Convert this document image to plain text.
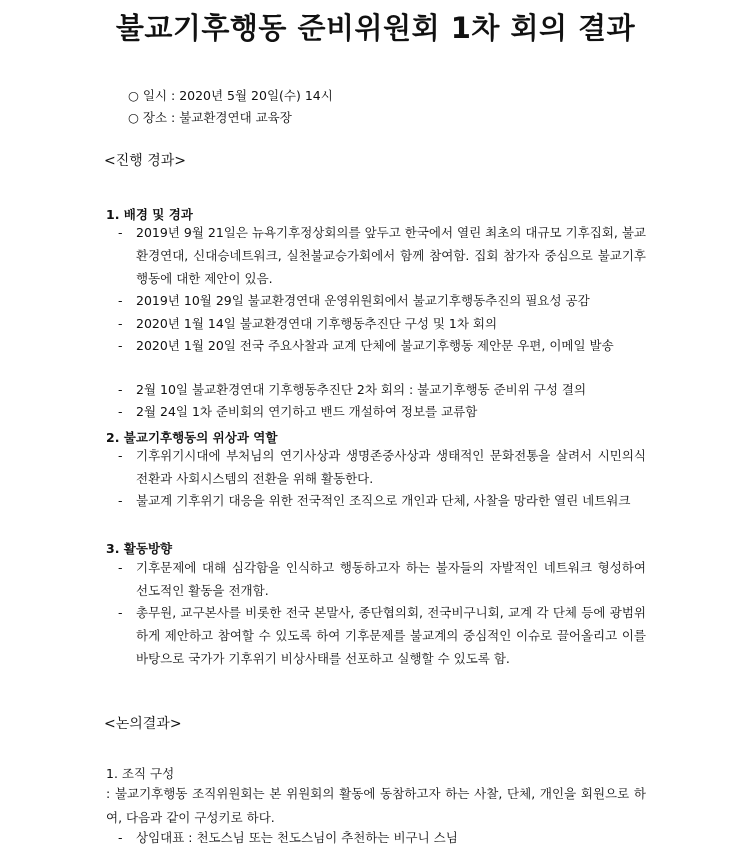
불교기후행동 준비위원회 1차 회의 결과
○ 일시 : 2020년 5월 20일(수) 14시
○ 장소 : 불교환경연대 교육장
<진행 경과>
1. 배경 및 경과
-	2019년 9월 21일은 뉴욕기후정상회의를 앞두고 한국에서 열린 최초의 대규모 기후집회, 불교환경연대, 신대승네트워크, 실천불교승가회에서 함께 참여함. 집회 참가자 중심으로 불교기후행동에 대한 제안이 있음.
-	2019년 10월 29일 불교환경연대 운영위원회에서 불교기후행동추진의 필요성 공감
-	2020년 1월 14일 불교환경연대 기후행동추진단 구성 및 1차 회의
-	2020년 1월 20일 전국 주요사찰과 교계 단체에 불교기후행동 제안문 우편, 이메일 발송
-	2월 10일 불교환경연대 기후행동추진단 2차 회의 : 불교기후행동 준비위 구성 결의
-	2월 24일 1차 준비회의 연기하고 밴드 개설하여 정보를 교류함
2. 불교기후행동의 위상과 역할
-	기후위기시대에 부처님의 연기사상과 생명존중사상과 생태적인 문화전통을 살려서 시민의식전환과 사회시스템의 전환을 위해 활동한다.
-	불교계 기후위기 대응을 위한 전국적인 조직으로 개인과 단체, 사찰을 망라한 열린 네트워크
3. 활동방향
-	기후문제에 대해 심각함을 인식하고 행동하고자 하는 불자들의 자발적인 네트워크 형성하여 선도적인 활동을 전개함.
-	총무원, 교구본사를 비롯한 전국 본말사, 종단협의회, 전국비구니회, 교계 각 단체 등에 광범위하게 제안하고 참여할 수 있도록 하여 기후문제를 불교계의 중심적인 이슈로 끌어올리고 이를 바탕으로 국가가 기후위기 비상사태를 선포하고 실행할 수 있도록 함.
<논의결과>
1. 조직 구성
: 불교기후행동 조직위원회는 본 위원회의 활동에 동참하고자 하는 사찰, 단체, 개인을 회원으로 하여, 다음과 같이 구성키로 하다.
-	상임대표 : 천도스님 또는 천도스님이 추천하는 비구니 스님
